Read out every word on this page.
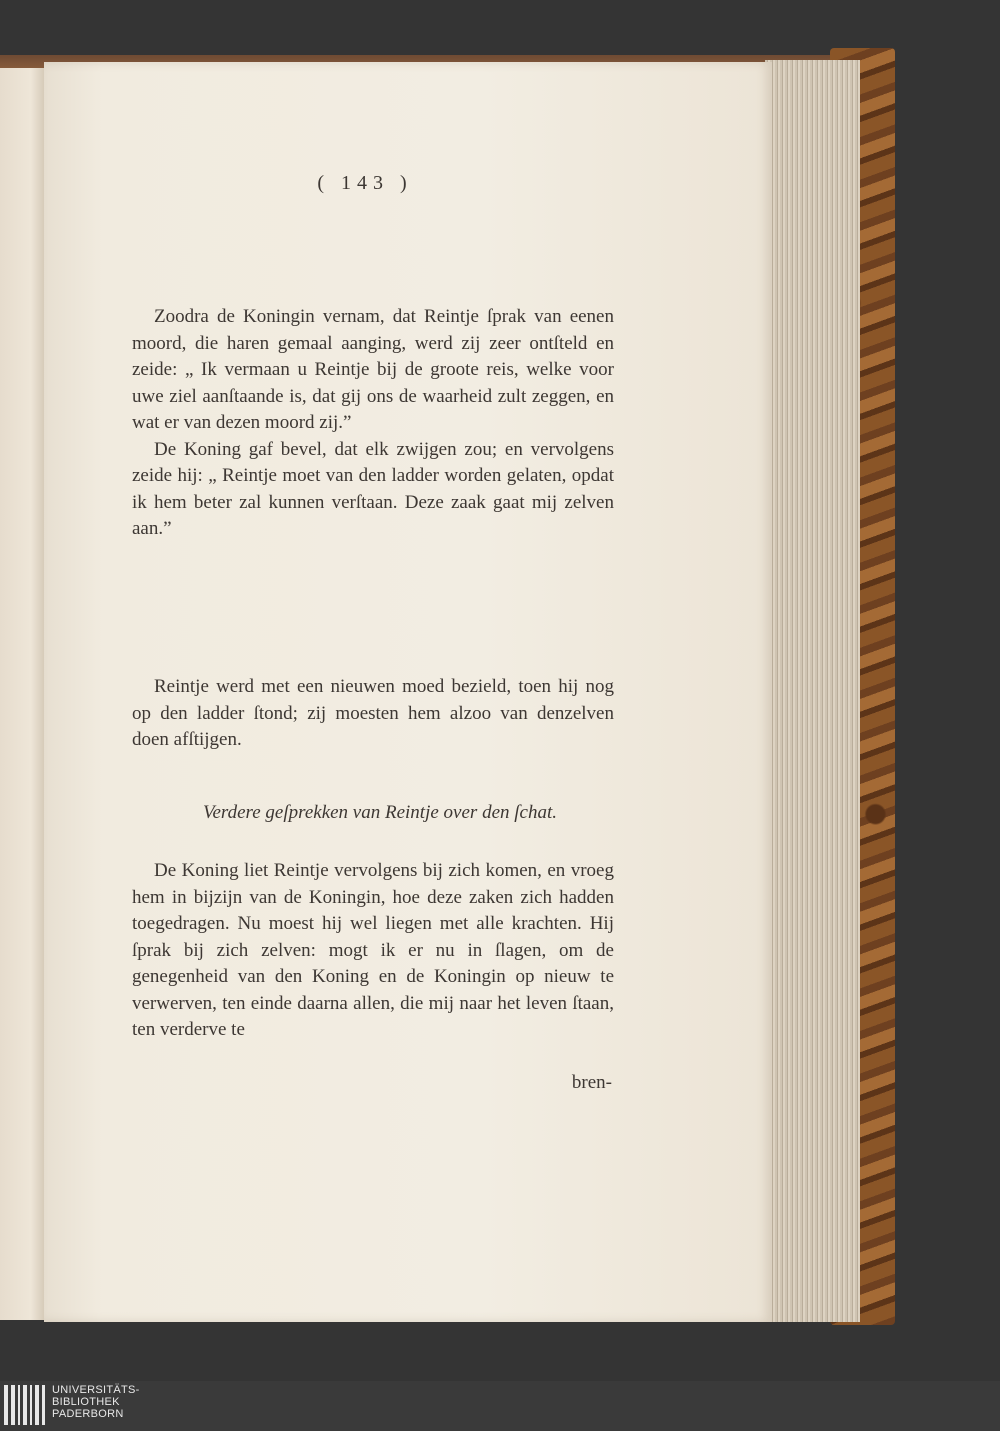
( 143 )

Zoodra de Koningin vernam, dat Reintje ſprak van eenen moord, die haren gemaal aanging, werd zij zeer ontſteld en zeide: „ Ik vermaan u Reintje bij de groote reis, welke voor uwe ziel aanſtaande is, dat gij ons de waarheid zult zeggen, en wat er van dezen moord zij.”

De Koning gaf bevel, dat elk zwijgen zou; en vervolgens zeide hij: „ Reintje moet van den ladder worden gelaten, opdat ik hem beter zal kunnen verſtaan. Deze zaak gaat mij zelven aan.”

Reintje werd met een nieuwen moed bezield, toen hij nog op den ladder ſtond; zij moesten hem alzoo van denzelven doen afſtijgen.

Verdere geſprekken van Reintje over den ſchat.

De Koning liet Reintje vervolgens bij zich komen, en vroeg hem in bijzijn van de Koningin, hoe deze zaken zich hadden toegedragen. Nu moest hij wel liegen met alle krachten. Hij ſprak bij zich zelven: mogt ik er nu in ſlagen, om de genegenheid van den Koning en de Koningin op nieuw te verwerven, ten einde daarna allen, die mij naar het leven ſtaan, ten verderve te

bren-
UNIVERSITÄTS-
BIBLIOTHEK
PADERBORN
